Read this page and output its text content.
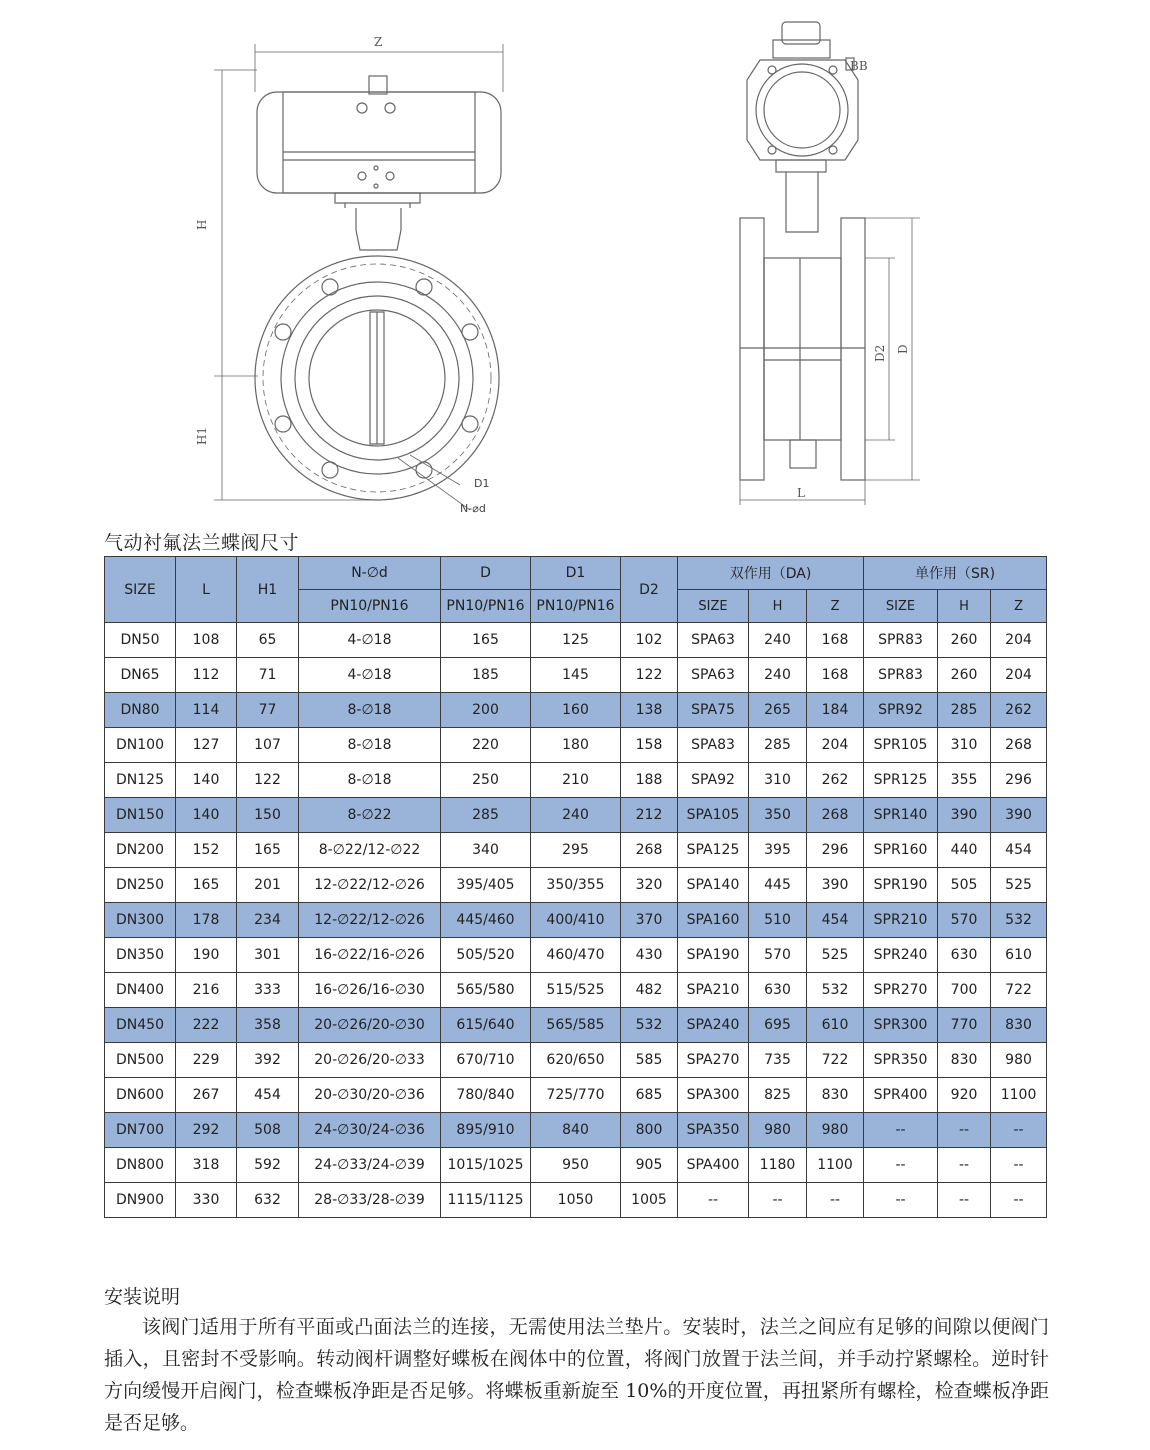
Z
H
H1
D1
N-⌀d
BB
D2 D
L
气动衬氟法兰蝶阀尺寸
SIZE	L	H1	N-∅d	D	D1	D2	双作用（DA)			单作用（SR)		
			PN10/PN16	PN10/PN16	PN10/PN16		SIZE	H	Z	SIZE	H	Z
DN50	108	65	4-∅18	165	125	102	SPA63	240	168	SPR83	260	204
DN65	112	71	4-∅18	185	145	122	SPA63	240	168	SPR83	260	204
DN80	114	77	8-∅18	200	160	138	SPA75	265	184	SPR92	285	262
DN100	127	107	8-∅18	220	180	158	SPA83	285	204	SPR105	310	268
DN125	140	122	8-∅18	250	210	188	SPA92	310	262	SPR125	355	296
DN150	140	150	8-∅22	285	240	212	SPA105	350	268	SPR140	390	390
DN200	152	165	8-∅22/12-∅22	340	295	268	SPA125	395	296	SPR160	440	454
DN250	165	201	12-∅22/12-∅26	395/405	350/355	320	SPA140	445	390	SPR190	505	525
DN300	178	234	12-∅22/12-∅26	445/460	400/410	370	SPA160	510	454	SPR210	570	532
DN350	190	301	16-∅22/16-∅26	505/520	460/470	430	SPA190	570	525	SPR240	630	610
DN400	216	333	16-∅26/16-∅30	565/580	515/525	482	SPA210	630	532	SPR270	700	722
DN450	222	358	20-∅26/20-∅30	615/640	565/585	532	SPA240	695	610	SPR300	770	830
DN500	229	392	20-∅26/20-∅33	670/710	620/650	585	SPA270	735	722	SPR350	830	980
DN600	267	454	20-∅30/20-∅36	780/840	725/770	685	SPA300	825	830	SPR400	920	1100
DN700	292	508	24-∅30/24-∅36	895/910	840	800	SPA350	980	980	--	--	--
DN800	318	592	24-∅33/24-∅39	1015/1025	950	905	SPA400	1180	1100	--	--	--
DN900	330	632	28-∅33/28-∅39	1115/1125	1050	1005	--	--	--	--	--	--
安装说明

该阀门适用于所有平面或凸面法兰的连接，无需使用法兰垫片。安装时，法兰之间应有足够的间隙以便阀门插入，且密封不受影响。转动阀杆调整好蝶板在阀体中的位置，将阀门放置于法兰间，并手动拧紧螺栓。逆时针方向缓慢开启阀门，检查蝶板净距是否足够。将蝶板重新旋至 10%的开度位置，再扭紧所有螺栓，检查蝶板净距是否足够。
